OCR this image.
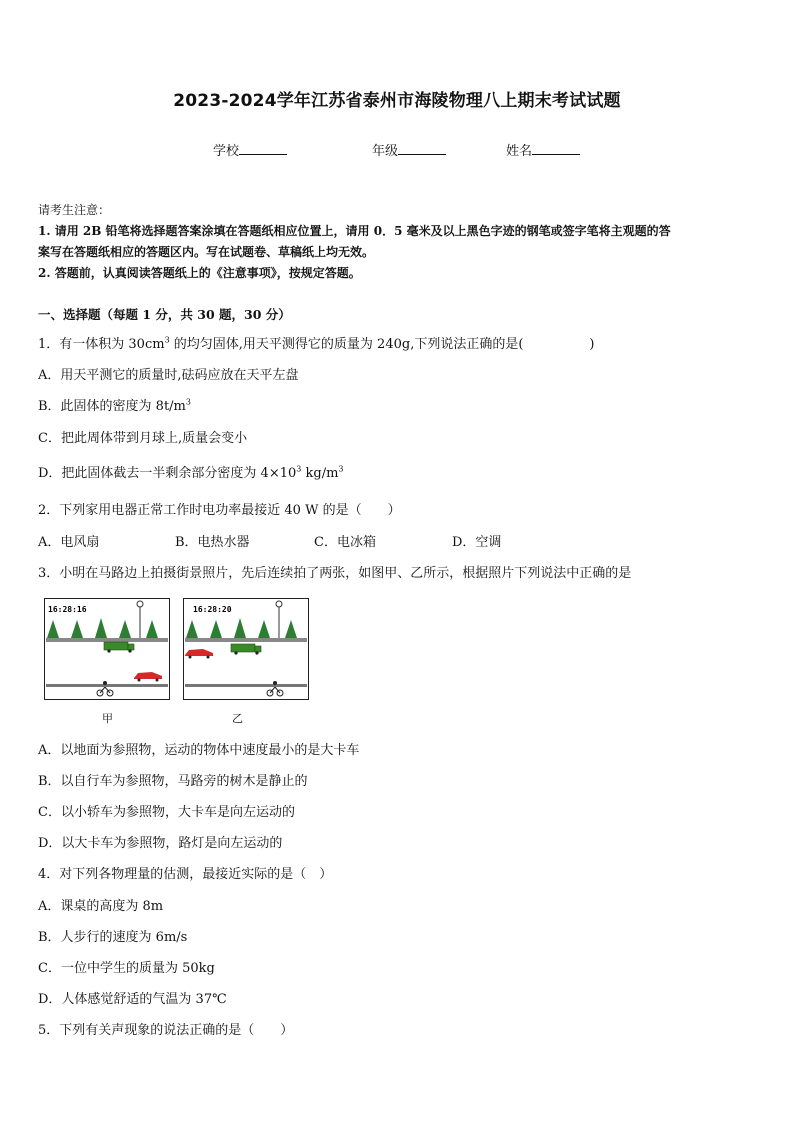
2023-2024学年江苏省泰州市海陵物理八上期末考试试题
学校	年级	姓名
请考生注意：
1. 请用 2B 铅笔将选择题答案涂填在答题纸相应位置上，请用 0．5 毫米及以上黑色字迹的钢笔或签字笔将主观题的答
案写在答题纸相应的答题区内。写在试题卷、草稿纸上均无效。
2. 答题前，认真阅读答题纸上的《注意事项》，按规定答题。
一、选择题（每题 1 分，共 30 题，30 分）
1．有一体积为 $30cm^3$ 的均匀固体,用天平测得它的质量为 240g,下列说法正确的是(	)
A．用天平测它的质量时,砝码应放在天平左盘
B．此固体的密度为 $8t/m^3$
C．把此周体带到月球上,质量会变小
D．把此固体截去一半剩余部分密度为 $4\times 10^3$ $kg/m^3$
2．下列家用电器正常工作时电功率最接近 40 W 的是（　　）
A．电风扇	B．电热水器	C．电冰箱	D．空调
3．小明在马路边上拍摄街景照片，先后连续拍了两张，如图甲、乙所示，根据照片下列说法中正确的是
16:28:16
甲
16:28:20
乙
A．以地面为参照物，运动的物体中速度最小的是大卡车
B．以自行车为参照物，马路旁的树木是静止的
C．以小轿车为参照物，大卡车是向左运动的
D．以大卡车为参照物，路灯是向左运动的
4．对下列各物理量的估测，最接近实际的是（　）
A．课桌的高度为 8m
B．人步行的速度为 6m/s
C．一位中学生的质量为 50kg
D．人体感觉舒适的气温为 37℃
5．下列有关声现象的说法正确的是（　　）
